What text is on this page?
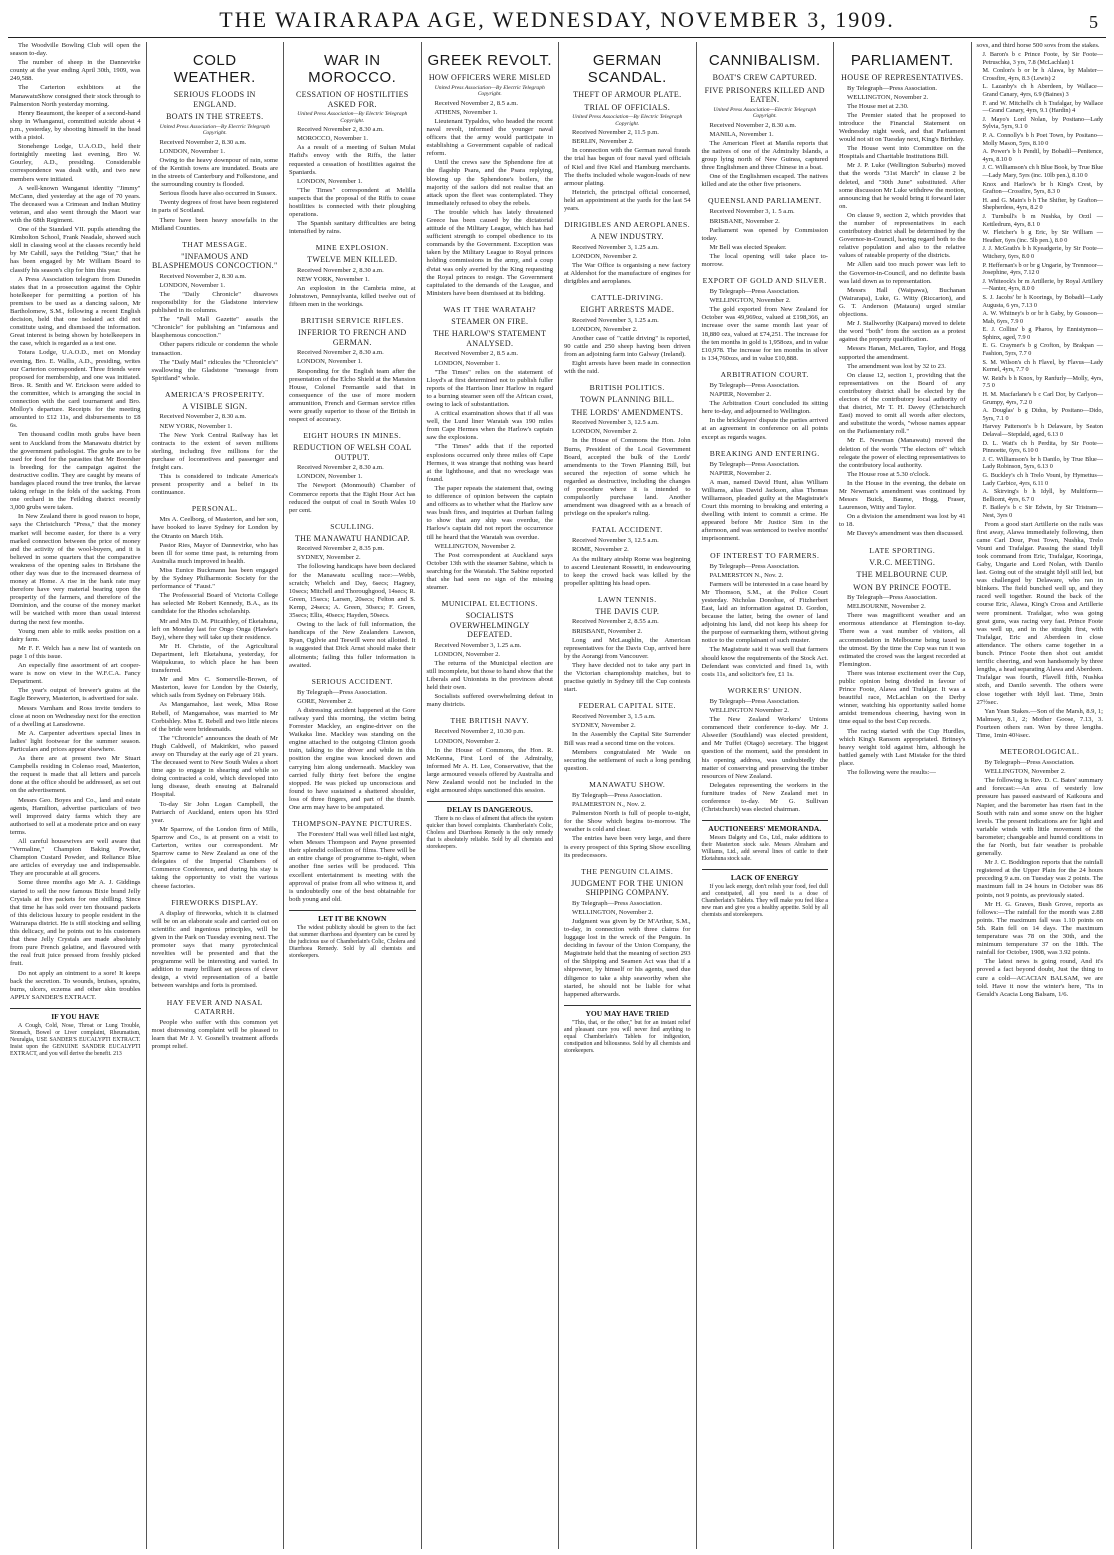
THE WAIRARAPA AGE, WEDNESDAY, NOVEMBER 3, 1909.	5

The Woodville Bowling Club will open the season to-day.

The number of sheep in the Dannevirke county at the year ending April 30th, 1909, was 249,588.

The Carterton exhibitors at the ManawatuShow consigned their stock through to Palmerston North yesterday morning.

Henry Beaumont, the keeper of a second-hand shop in Whanganui, committed suicide about 4 p.m., yesterday, by shooting himself in the head with a pistol.

Stonehenge Lodge, U.A.O.D., held their fortnightly meeting last evening, Bro W. Gourley, A.D., presiding. Considerable correspondence was dealt with, and two new members were initiated.

A well-known Wanganui identity "Jimmy" McCann, died yesterday at the age of 70 years. The deceased was a Crimean and Indian Mutiny veteran, and also went through the Maori war with the 68th Regiment.

One of the Standard VII. pupils attending the Kimbolton School, Frank Neadale, showed such skill in classing wool at the classes recently held by Mr Cahill, says the Feilding "Star," that he has been engaged by Mr William Board to classify his season's clip for him this year.

A Press Association telegram from Dunedin states that in a prosecution against the Ophir hotelkeeper for permitting a portion of his premises to be used as a dancing saloon, Mr Bartholomew, S.M., following a recent English decision, held that one isolated act did not constitute using, and dismissed the information. Great interest is being shown by hotelkeepers in the case, which is regarded as a test one.

Totara Lodge, U.A.O.D., met on Monday evening, Bro. E. Wallis, A.D., presiding, writes our Carterton correspondent. Three friends were proposed for membership, and one was initiated. Bros. R. Smith and W. Erickson were added to the committee, which is arranging the social in connection with the card tournament and Bro. Molloy's departure. Receipts for the meeting amounted to £12 11s, and disbursements to £8 6s.

Ten thousand codlin moth grubs have been sent to Auckland from the Manawatu district by the government pathologist. The grubs are to be used for food for the parasites that Mr Boorsher is breeding for the campaign against the destructive codlin. They are caught by means of bandages placed round the tree trunks, the larvae taking refuge in the folds of the sacking. From one orchard in the Feilding district recently 3,000 grubs were taken.

In New Zealand there is good reason to hope, says the Christchurch "Press," that the money market will become easier, for there is a very marked connection between the price of money and the activity of the wool-buyers, and it is believed in some quarters that the comparative weakness of the opening sales in Brisbane the other day was due to the increased dearness of money at Home. A rise in the bank rate may therefore have very material bearing upon the prosperity of the farmers, and therefore of the Dominion, and the course of the money market will be watched with more than usual interest during the next few months.

Young men able to milk seeks position on a dairy farm.

Mr F. F. Welch has a new list of wanteds on page 1 of this issue.

An especially fine assortment of art cooper-ware is now on view in the W.F.C.A. Fancy Department.

The year's output of brewer's grains at the Eagle Brewery, Masterton, is advertised for sale.

Messrs Varnham and Ross invite tenders to close at noon on Wednesday next for the erection of a dwelling at Lansdowne.

Mr A. Carpenter advertises special lines in ladies' light footwear for the summer season. Particulars and prices appear elsewhere.

As there are at present two Mr Stuart Campbells residing in Colenso road, Masterton, the request is made that all letters and parcels done at the office should be addressed, as set out on the advertisement.

Messrs Geo. Boyes and Co., land and estate agents, Hamilton, advertise particulars of two well improved dairy farms which they are authorised to sell at a moderate price and on easy terms.

All careful housewives are well aware that "Vermaline," Champion Baking Powder, Champion Custard Powder, and Reliance Blue are articles of everyday use and indispensable. They are procurable at all grocers.

Some three months ago Mr A. J. Giddings started to sell the now famous Bixie brand Jelly Crystals at five packets for one shilling. Since that time he has sold over ten thousand packets of this delicious luxury to people resident in the Wairarapa district. He is still stocking and selling this delicacy, and he points out to his customers that these Jelly Crystals are made absolutely from pure French gelatine, and flavoured with the real fruit juice pressed from freshly picked fruit.

Do not apply an ointment to a sore! It keeps back the secretion. To wounds, bruises, sprains, burns, ulcers, eczema and other skin troubles APPLY SANDER'S EXTRACT.

IF YOU HAVE

A Cough, Cold, Nose, Throat or Lung Trouble, Stomach, Bowel or Liver complaint, Rheumatism, Neuralgia, USE SANDER'S EUCALYPTI EXTRACT. Insist upon the GENUINE SANDER EUCALYPTI EXTRACT, and you will derive the benefit. 213

COLD WEATHER.
SERIOUS FLOODS IN ENGLAND.
BOATS IN THE STREETS.
United Press Association—By Electric Telegraph Copyright.

Received November 2, 8.30 a.m.

LONDON, November 1.

Owing to the heavy downpour of rain, some of the Kentish towns are inundated. Boats are in the streets of Canterbury and Folkestone, and the surrounding country is flooded.

Serious floods have also occurred in Sussex.

Twenty degrees of frost have been registered in parts of Scotland.

There have been heavy snowfalls in the Midland Counties.

THAT MESSAGE.
"INFAMOUS AND BLASPHEMOUS CONCOCTION."

Received November 2, 8.30 a.m.

LONDON, November 1.

The "Daily Chronicle" disavows responsibility for the Gladstone interview published in its columns.

The "Pall Mall Gazette" assails the "Chronicle" for publishing an "infamous and blasphemous concoction."

Other papers ridicule or condemn the whole transaction.

The "Daily Mail" ridicules the "Chronicle's" swallowing the Gladstone "message from Spiritland" whole.

AMERICA'S PROSPERITY.
A VISIBLE SIGN.

Received November 2, 8.30 a.m.

NEW YORK, November 1.

The New York Central Railway has let contracts to the extent of seven millions sterling, including five millions for the purchase of locomotives and passenger and freight cars.

This is considered to indicate America's present prosperity and a belief in its continuance.

PERSONAL.

Mrs A. Ceelborg, of Masterton, and her son, have booked to leave Sydney for London by the Otranto on March 16th.

Pastor Ries, Mayor of Dannevirke, who has been ill for some time past, is returning from Australia much improved in health.

Miss Eunice Buckmann has been engaged by the Sydney Philharmonic Society for the performance of "Faust."

The Professorial Board of Victoria College has selected Mr Robert Kennedy, B.A., as its candidate for the Rhodes scholarship.

Mr and Mrs D. M. Pitcaithley, of Eketahuna, left on Monday last for Ongo Onga (Hawke's Bay), where they will take up their residence.

Mr H. Christie, of the Agricultural Department, left Eketahuna, yesterday, for Waipukurau, to which place he has been transferred.

Mr and Mrs C. Somerville-Brown, of Masterton, leave for London by the Osterly, which sails from Sydney on February 16th.

As Mangamahoe, last week, Miss Rose Rebell, of Mangamahoe, was married to Mr Corbishley. Miss E. Rebell and two little nieces of the bride were bridesmaids.

The "Chronicle" announces the death of Mr Hugh Caldwell, of Makirikiri, who passed away on Thursday at the early age of 21 years. The deceased went to New South Wales a short time ago to engage in shearing and while so doing contracted a cold, which developed into lung disease, death ensuing at Balranald Hospital.

To-day Sir John Logan Campbell, the Patriarch of Auckland, enters upon his 93rd year.

Mr Sparrow, of the London firm of Mills, Sparrow and Co., is at present on a visit to Carterton, writes our correspondent. Mr Sparrow came to New Zealand as one of the delegates of the Imperial Chambers of Commerce Conference, and during his stay is taking the opportunity to visit the various cheese factories.

FIREWORKS DISPLAY.

A display of fireworks, which it is claimed will be on an elaborate scale and carried out on scientific and ingenious principles, will be given in the Park on Tuesday evening next. The promoter says that many pyrotechnical novelties will be presented and that the programme will be interesting and varied. In addition to many brilliant set pieces of clever design, a vivid representation of a battle between warships and forts is promised.

HAY FEVER AND NASAL CATARRH.

People who suffer with this common yet most distressing complaint will be pleased to learn that Mr J. V. Gosnell's treatment affords prompt relief.

WAR IN MOROCCO.
CESSATION OF HOSTILITIES ASKED FOR.
United Press Association—By Electric Telegraph Copyright.

Received November 2, 8.30 a.m.

MOROCCO, November 1.

As a result of a meeting of Sultan Mulai Hafid's envoy with the Riffs, the latter requested a cessation of hostilities against the Spaniards.

LONDON, November 1.

"The Times" correspondent at Melilla suspects that the proposal of the Riffs to cease hostilities is connected with their ploughing operations.

The Spanish sanitary difficulties are being intensified by rains.

MINE EXPLOSION.
TWELVE MEN KILLED.

Received November 2, 8.30 a.m.

NEW YORK, November 1.

An explosion in the Cambria mine, at Johnstown, Pennsylvania, killed twelve out of fifteen men in the workings.

BRITISH SERVICE RIFLES.
INFERIOR TO FRENCH AND GERMAN.

Received November 2, 8.30 a.m.

LONDON, November 1.

Responding for the English team after the presentation of the Elcho Shield at the Mansion House, Colonel Fremantle said that in consequence of the use of more modern ammunition, French and German service rifles were greatly superior to those of the British in respect of accuracy.

EIGHT HOURS IN MINES.
REDUCTION OF WELSH COAL OUTPUT.

Received November 2, 8.30 a.m.

LONDON, November 1.

The Newport (Monmouth) Chamber of Commerce reports that the Eight Hour Act has reduced the output of coal in South Wales 10 per cent.

SCULLING.
THE MANAWATU HANDICAP.

Received November 2, 8.35 p.m.

SYDNEY, November 2.

The following handicaps have been declared for the Manawatu sculling race:—Webb, scratch; Whelch and Day, 6secs; Hagney, 10secs; Mitchell and Thoroughgood, 14secs; R. Green, 15secs; Larsen, 20secs; Felton and S. Kemp, 24secs; A. Green, 30secs; F. Green, 35secs; Ellis, 40secs; Hayden, 50secs.

Owing to the lack of full information, the handicaps of the New Zealanders Lawson, Ryan, Ogilvie and Teewill were not allotted. It is suggested that Dick Arnst should make their allotments; failing this fuller information is awaited.

SERIOUS ACCIDENT.

By Telegraph—Press Association.

GORE, November 2.

A distressing accident happened at the Gore railway yard this morning, the victim being Forrester Mackley, an engine-driver on the Waikaka line. Mackley was standing on the engine attached to the outgoing Clinton goods train, talking to the driver and while in this position the engine was knocked down and carrying him along underneath. Mackley was carried fully thirty feet before the engine stopped. He was picked up unconscious and found to have sustained a shattered shoulder, loss of three fingers, and part of the thumb. One arm may have to be amputated.

THOMPSON-PAYNE PICTURES.

The Foresters' Hall was well filled last night, when Messrs Thompson and Payne presented their splendid collection of films. There will be an entire change of programme to-night, when another fine series will be produced. This excellent entertainment is meeting with the approval of praise from all who witness it, and is undoubtedly one of the best obtainable for both young and old.

LET IT BE KNOWN

The widest publicity should be given to the fact that summer diarrhoea and dysentery can be cured by the judicious use of Chamberlain's Colic, Cholera and Diarrhoea Remedy. Sold by all chemists and storekeepers.

GREEK REVOLT.
HOW OFFICERS WERE MISLED
United Press Association—By Electric Telegraph Copyright.

Received November 2, 8.5 a.m.

ATHENS, November 1.

Lieutenant Typaldos, who headed the recent naval revolt, informed the younger naval officers that the army would participate in establishing a Government capable of radical reform.

Until the crews saw the Sphendone fire at the flagship Psara, and the Psara replying, blowing up the Sphendone's boilers, the majority of the sailors did not realise that an attack upon the fleet was contemplated. They immediately refused to obey the rebels.

The trouble which has lately threatened Greece has been caused by the dictatorial attitude of the Military League, which has had sufficient strength to compel obedience to its commands by the Government. Exception was taken by the Military League to Royal princes holding commissions in the army, and a coup d'etat was only averted by the King requesting the Royal princes to resign. The Government capitulated to the demands of the League, and Ministers have been dismissed at its bidding.

WAS IT THE WARATAH?
STEAMER ON FIRE.
THE HARLOW'S STATEMENT ANALYSED.

Received November 2, 8.5 a.m.

LONDON, November 1.

"The Times" relies on the statement of Lloyd's at first determined not to publish fuller reports of the Harrison liner Harlow in regard to a burning steamer seen off the African coast, owing to lack of substantiation.

A critical examination shows that if all was well, the Lund liner Waratah was 190 miles from Cape Hermes when the Harlow's captain saw the explosions.

"The Times" adds that if the reported explosions occurred only three miles off Cape Hermes, it was strange that nothing was heard at the lighthouse, and that no wreckage was found.

The paper repeats the statement that, owing to difference of opinion between the captain and officers as to whether what the Harlow saw was bush fires, and inquiries at Durban failing to show that any ship was overdue, the Harlow's captain did not report the occurrence till he heard that the Waratah was overdue.

WELLINGTON, November 2.

The Post correspondent at Auckland says October 13th with the steamer Sabine, which is searching for the Waratah. The Sabine reported that she had seen no sign of the missing steamer.

MUNICIPAL ELECTIONS.
SOCIALISTS OVERWHELMINGLY DEFEATED.

Received November 3, 1.25 a.m.

LONDON, November 2.

The returns of the Municipal election are still incomplete, but those to hand show that the Liberals and Unionists in the provinces about held their own.

Socialists suffered overwhelming defeat in many districts.

THE BRITISH NAVY.

Received November 2, 10.30 p.m.

LONDON, November 2.

In the House of Commons, the Hon. R. McKenna, First Lord of the Admiralty, informed Mr A. H. Lee, Conservative, that the large armoured vessels offered by Australia and New Zealand would not be included in the eight armoured ships sanctioned this session.

DELAY IS DANGEROUS.

There is no class of ailment that affects the system quicker than bowel complaints. Chamberlain's Colic, Cholera and Diarrhoea Remedy is the only remedy that is absolutely reliable. Sold by all chemists and storekeepers.

GERMAN SCANDAL.
THEFT OF ARMOUR PLATE.
TRIAL OF OFFICIALS.
United Press Association—By Electric Telegraph Copyright.

Received November 2, 11.5 p.m.

BERLIN, November 2.

In connection with the German naval frauds the trial has begun of four naval yard officials of Kiel and five Kiel and Hamburg merchants. The thefts included whole wagon-loads of new armour plating.

Heinrich, the principal official concerned, held an appointment at the yards for the last 54 years.

DIRIGIBLES AND AEROPLANES.
A NEW INDUSTRY.

Received November 3, 1.25 a.m.

LONDON, November 2.

The War Office is organising a new factory at Aldershot for the manufacture of engines for dirigibles and aeroplanes.

CATTLE-DRIVING.
EIGHT ARRESTS MADE.

Received November 3, 1.25 a.m.

LONDON, November 2.

Another case of "cattle driving" is reported, 90 cattle and 250 sheep having been driven from an adjoining farm into Galway (Ireland).

Eight arrests have been made in connection with the raid.

BRITISH POLITICS.
TOWN PLANNING BILL.
THE LORDS' AMENDMENTS.

Received November 3, 12.5 a.m.

LONDON, November 2.

In the House of Commons the Hon. John Burns, President of the Local Government Board, accepted the bulk of the Lords' amendments to the Town Planning Bill, but secured the rejection of some which he regarded as destructive, including the changes of procedure where it is intended to compulsorily purchase land. Another amendment was disagreed with as a breach of privilege on the speaker's ruling.

FATAL ACCIDENT.

Received November 3, 12.5 a.m.

ROME, November 2.

As the military airship Rome was beginning to ascend Lieutenant Rossetti, in endeavouring to keep the crowd back was killed by the propeller splitting his head open.

LAWN TENNIS.
THE DAVIS CUP.

Received November 2, 8.55 a.m.

BRISBANE, November 2.

Long and McLaughlin, the American representatives for the Davis Cup, arrived here by the Aorangi from Vancouver.

They have decided not to take any part in the Victorian championship matches, but to practise quietly in Sydney till the Cup contests start.

FEDERAL CAPITAL SITE.

Received November 3, 1.5 a.m.

SYDNEY, November 2.

In the Assembly the Capital Site Surrender Bill was read a second time on the voices.

Members congratulated Mr Wade on securing the settlement of such a long pending question.

MANAWATU SHOW.

By Telegraph—Press Association.

PALMERSTON N., Nov. 2.

Palmerston North is full of people to-night, for the Show which begins to-morrow. The weather is cold and clear.

The entries have been very large, and there is every prospect of this Spring Show excelling its predecessors.

THE PENGUIN CLAIMS.
JUDGMENT FOR THE UNION SHIPPING COMPANY.

By Telegraph—Press Association.

WELLINGTON, November 2.

Judgment was given by Dr M'Arthur, S.M., to-day, in connection with three claims for luggage lost in the wreck of the Penguin. In deciding in favour of the Union Company, the Magistrate held that the meaning of section 293 of the Shipping and Seamen Act was that if a shipowner, by himself or his agents, used due diligence to take a ship seaworthy when she started, he should not be liable for what happened afterwards.

YOU MAY HAVE TRIED

"This, that, or the other," but for an instant relief and pleasant cure you will never find anything to equal Chamberlain's Tablets for indigestion, constipation and biliousness. Sold by all chemists and storekeepers.

CANNIBALISM.
BOAT'S CREW CAPTURED.
FIVE PRISONERS KILLED AND EATEN.
United Press Association—Electric Telegraph Copyright.

Received November 2, 8.30 a.m.

MANILA, November 1.

The American Fleet at Manila reports that the natives of one of the Admiralty Islands, a group lying north of New Guinea, captured three Englishmen and three Chinese in a boat.

One of the Englishmen escaped. The natives killed and ate the other five prisoners.

QUEENSLAND PARLIAMENT.

Received November 3, 1. 5 a.m.

BRISBANE, November 2.

Parliament was opened by Commission today.

Mr Bell was elected Speaker.

The local opening will take place to-morrow.

EXPORT OF GOLD AND SILVER.

By Telegraph—Press Association.

WELLINGTON, November 2.

The gold exported from New Zealand for October was 49,969oz, valued at £198,366, an increase over the same month last year of 18,880 ozs, valued at £74,251. The increase for the ten months in gold is 1,958ozs, and in value £10,978. The increase for ten months in silver is 134,760ozs, and in value £10,888.

ARBITRATION COURT.

By Telegraph—Press Association.

NAPIER, November 2.

The Arbitration Court concluded its sitting here to-day, and adjourned to Wellington.

In the bricklayers' dispute the parties arrived at an agreement in conference on all points except as regards wages.

BREAKING AND ENTERING.

By Telegraph—Press Association.

NAPIER, November 2.

A man, named David Hunt, alias William Williams, alias David Jackson, alias Thomas Williamson, pleaded guilty at the Magistrate's Court this morning to breaking and entering a dwelling with intent to commit a crime. He appeared before Mr Justice Sim in the afternoon, and was sentenced to twelve months' imprisonment.

OF INTEREST TO FARMERS.

By Telegraph—Press Association.

PALMERSTON N., Nov. 2.

Farmers will be interested in a case heard by Mr Thomson, S.M., at the Police Court yesterday. Nicholas Donohue, of Fitzherbert East, laid an information against D. Gordon, because the latter, being the owner of land adjoining his land, did not keep his sheep for the purpose of earmarking them, without giving notice to the complainant of such muster.

The Magistrate said it was well that farmers should know the requirements of the Stock Act. Defendant was convicted and fined 1s, with costs 11s, and solicitor's fee, £1 1s.

WORKERS' UNION.

By Telegraph—Press Association.

WELLINGTON November 2.

The New Zealand Workers' Unions commenced their conference to-day. Mr J. Alsweiler (Southland) was elected president, and Mr Tuffet (Otago) secretary. The biggest question of the moment, said the president in his opening address, was undoubtedly the matter of conserving and preserving the timber resources of New Zealand.

Delegates representing the workers in the furniture trades of New Zealand met in conference to-day. Mr G. Sullivan (Christchurch) was elected chairman.

AUCTIONEERS' MEMORANDA.

Messrs Dalgety and Co., Ltd., make additions to their Masterton stock sale. Messrs Abraham and Williams, Ltd., add several lines of cattle to their Eketahuna stock sale.

LACK OF ENERGY

If you lack energy, don't relish your food, feel dull and constipated, all you need is a dose of Chamberlain's Tablets. They will make you feel like a new man and give you a healthy appetite. Sold by all chemists and storekeepers.

PARLIAMENT.
HOUSE OF REPRESENTATIVES.

By Telegraph—Press Association.

WELLINGTON, November 2.

The House met at 2.30.

The Premier stated that he proposed to introduce the Financial Statement on Wednesday night week, and that Parliament would not sit on Tuesday next, King's Birthday.

The House went into Committee on the Hospitals and Charitable Institutions Bill.

Mr J. P. Luke (Wellington Suburbs) moved that the words "31st March" in clause 2 be deleted, and "30th June" substituted. After some discussion Mr Luke withdrew the motion, announcing that he would bring it forward later on.

On clause 9, section 2, which provides that the number of representatives in each contributory district shall be determined by the Governor-in-Council, having regard both to the relative population and also to the relative values of rateable property of the districts.

Mr Allen said too much power was left to the Governor-in-Council, and no definite basis was laid down as to representation.

Messrs Hall (Waipawa), Buchanan (Wairarapa), Luke, G. Witty (Riccarton), and G. T. Anderson (Mataura) urged similar objections.

Mr J. Stallworthy (Kaipara) moved to delete the word "both" from the section as a protest against the property qualification.

Messrs Hanan, McLaren, Taylor, and Hogg supported the amendment.

The amendment was lost by 32 to 23.

On clause 12, section 1, providing that the representatives on the Board of any contributory district shall be elected by the electors of the contributory local authority of that district, Mr T. H. Davey (Christchurch East) moved to omit all words after electors, and substitute the words, "whose names appear on the Parliamentary roll."

Mr E. Newman (Manawatu) moved the deletion of the words "The electors of" which relegate the power of electing representatives to the contributory local authority.

The House rose at 5.30 o'clock.

In the House in the evening, the debate on Mr Newman's amendment was continued by Messrs Buick, Baume, Hogg, Fraser, Laurenson, Witty and Taylor.

On a division the amendment was lost by 41 to 18.

Mr Davey's amendment was then discussed.

LATE SPORTING.
V.R.C. MEETING.
THE MELBOURNE CUP.
WON BY PRINCE FOOTE.

By Telegraph—Press Association.

MELBOURNE, November 2.

There was magnificent weather and an enormous attendance at Flemington to-day. There was a vast number of visitors, all accommodation in Melbourne being taxed to the utmost. By the time the Cup was run it was estimated the crowd was the largest recorded at Flemington.

There was intense excitement over the Cup, public opinion being divided in favour of Prince Foote, Alawa and Trafalgar. It was a beautiful race, McLachlan on the Derby winner, watching his opportunity sailed home amidst tremendous cheering, having won in time equal to the best Cup records.

The racing started with the Cup Hurdles, which King's Ransom appropriated. Britney's heavy weight told against him, although he battled gamely with Last Mistake for the third place.

The following were the results:—

sovs, and third horse 500 sovs from the stakes.

J. Baron's b c Prince Foote, by Sir Foote—Petruschka, 3 yrs, 7.8 (McLachlan) 1

M. Conlon's b or br h Alawa, by Malster—Crossfire, 4yrs, 8.3 (Lewis) 2

L. Lazanby's ch h Aberdeen, by Wallace—Grand Canary, 4yrs, 6.9 (Baines) 3

F. and W. Mitchell's ch h Trafalgar, by Wallace—Grand Canary, 4yrs, 9.1 (Hardin) 4

J. Mayo's Lord Nolan, by Positano—Lady Sylvia, 5yrs, 9.1 0

P. A. Connolly's b h Poet Town, by Positano—Molly Mason, 5yrs, 8.10 0

A. Power's b h Pendil, by Bobadil—Penitence, 4yrs, 8.10 0

J. C. Williamson's ch h Blue Book, by True Blue—Lady Mary, 5yrs (inc. 10lb pen.), 8.10 0

Knox and Harlow's br h King's Crest, by Grafton—Crossfire, 5yrs, 8.3 0

H. and G. Main's b h The Shifter, by Grafton—Shepherdess, 4yrs, 8.2 0

J. Turnbull's b m Nushka, by Orzil — Kettledrum, 4yrs, 8.1 0

W. Fletcher's b g Eric, by Sir William — Heather, 6yrs (inc. 5lb pen.), 8.0 0

J. J. McGrath's b h Kyeadgerie, by Sir Foote—Witchery, 6yrs, 8.0 0

P. Heffernan's b or br g Ungarie, by Trenmoor—Josephine, 4yrs, 7.12 0

J. Whiteock's br m Artillerie, by Royal Artillery—Nanter, 4yrs, 8.0 0

S. J. Jacobs' br h Koorings, by Bobadil—Lady Augusta, 6 yrs, 7.13 0

A. W. Whitney's b or br h Gaby, by Gossoon—Mab, 6yrs, 7.9 0

E. J. Collins' b g Pharos, by Ennistymon—Sphinx, aged, 7.9 0

E. G. Craymer's b g Crofton, by Brakpan — Fashion, 5yrs, 7.7 0

S. M. Wilson's ch h Flavel, by Flavus—Lady Kernel, 4yrs, 7.7 0

W. Reid's b h Knox, by Ranfurly—Molly, 4yrs, 7.5 0

H. M. Macfarlane's b c Carl Dor, by Carlyon—Grumpy, 4yrs, 7.2 0

A. Douglas' b g Didus, by Positano—Dido, 5yrs, 7.1 0

Harvey Patterson's b h Delaware, by Seaton Delaval—Stepdald, aged, 6.13 0

D. L. Watt's ch h Perdita, by Sir Foote—Pinnoette, 6yrs, 6.10 0

J. C. Williamson's br h Danilo, by True Blue—Lady Robinson, 5yrs, 6.13 0

G. Buckley's ch h Trelo Vouni, by Hymettus—Lady Carbice, 4yrs, 6.11 0

A. Skirving's b h Idyll, by Multiform—Bellicent, 4yrs, 6.7 0

F. Bailey's b c Sir Edwin, by Sir Tristram—Nest, 3yrs 0

From a good start Artillerie on the rails was first away, Alawa immediately following, then came Carl Dour, Post Town, Nushka, Trelo Vouni and Trafalgar. Passing the stand Idyll took command from Eric, Trafalgar, Kooringa, Gaby, Ungarie and Lord Nolan, with Danilo last. Going out of the straight Idyll still led, but was challenged by Delaware, who ran in blinkers. The field bunched well up, and they raced well together. Round the back of the course Eric, Alawa, King's Cross and Artillerie were prominent. Trafalgar, who was going great guns, was racing very fast. Prince Foote was well up, and in the straight first, with Trafalgar, Eric and Aberdeen in close attendance. The others came together in a bunch. Prince Foote then shot out amidst terrific cheering, and won handsomely by three lengths, a head separating Alawa and Aberdeen. Trafalgar was fourth, Flavell fifth, Nushka sixth, and Danilo seventh. The others were close together with Idyll last. Time, 3min 27½sec.

Yan Yean Stakes.—Son of the Marsh, 8.9, 1; Malmsey, 8.1, 2; Mother Goose, 7.13, 3. Fourteen others ran. Won by three lengths. Time, 1min 40¼sec.

METEOROLOGICAL.

By Telegraph—Press Association.

WELLINGTON, November 2.

The following is Rev. D. C. Bates' summary and forecast:—An area of westerly low pressure has passed eastward of Kaikoura and Napier, and the barometer has risen fast in the South with rain and some snow on the higher levels. The present indications are for light and variable winds with little movement of the barometer; changeable and humid conditions in the far North, but fair weather is probable generally.

Mr J. C. Boddington reports that the rainfall registered at the Upper Plain for the 24 hours preceding 9 a.m. on Tuesday was 2 points. The maximum fall in 24 hours in October was 86 points, not 9 points, as previously stated.

Mr H. G. Graves, Bush Grove, reports as follows:—The rainfall for the month was 2.88 points. The maximum fall was 1.10 points on 5th. Rain fell on 14 days. The maximum temperature was 78 on the 30th, and the minimum temperature 37 on the 18th. The rainfall for October, 1908, was 3.92 points.

The latest news is going round, And it's proved a fact beyond doubt, Just the thing to cure a cold—ACACIAN BALSAM, we are told. Have it now the winter's here, 'Tis in Gerald's Acacia Long Balsam, 1/6.
